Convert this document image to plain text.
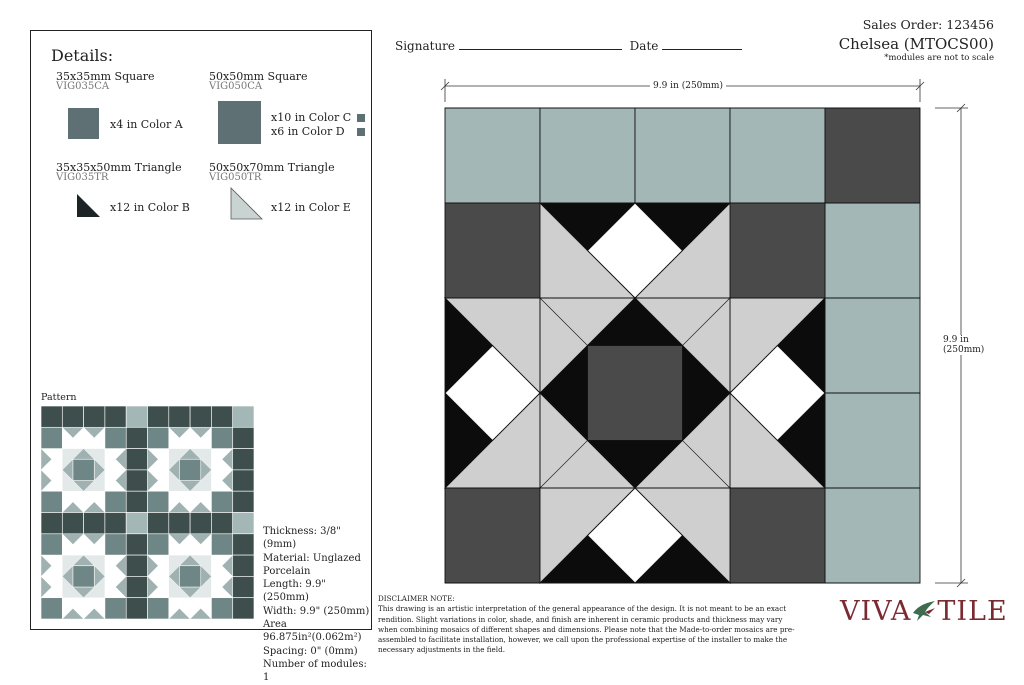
Sales Order: 123456
Chelsea (MTOCS00)
*modules are not to scale
Signature	Date
Details:
35x35mm Square
VIG035CA
x4 in Color A
50x50mm Square
VIG050CA
x10 in Color C
x6 in Color D
35x35x50mm Triangle
VIG035TR
x12 in Color B
50x50x70mm Triangle
VIG050TR
x12 in Color E
Pattern
Thickness: 3/8" (9mm)
Material: Unglazed
Porcelain
Length: 9.9" (250mm)
Width: 9.9" (250mm)
Area 96.875in²(0.062m²)
Spacing: 0" (0mm)
Number of modules: 1
9.9 in (250mm)
9.9 in
(250mm)
DISCLAIMER NOTE:
This drawing is an artistic interpretation of the general appearance of the design. It is not meant to be an exact rendition. Slight variations in color, shade, and finish are inherent in ceramic products and thickness may vary when combining mosaics of different shapes and dimensions. Please note that the Made-to-order mosaics are pre-assembled to facilitate installation, however, we call upon the professional expertise of the installer to make the necessary adjustments in the field.
VIVA TILE
